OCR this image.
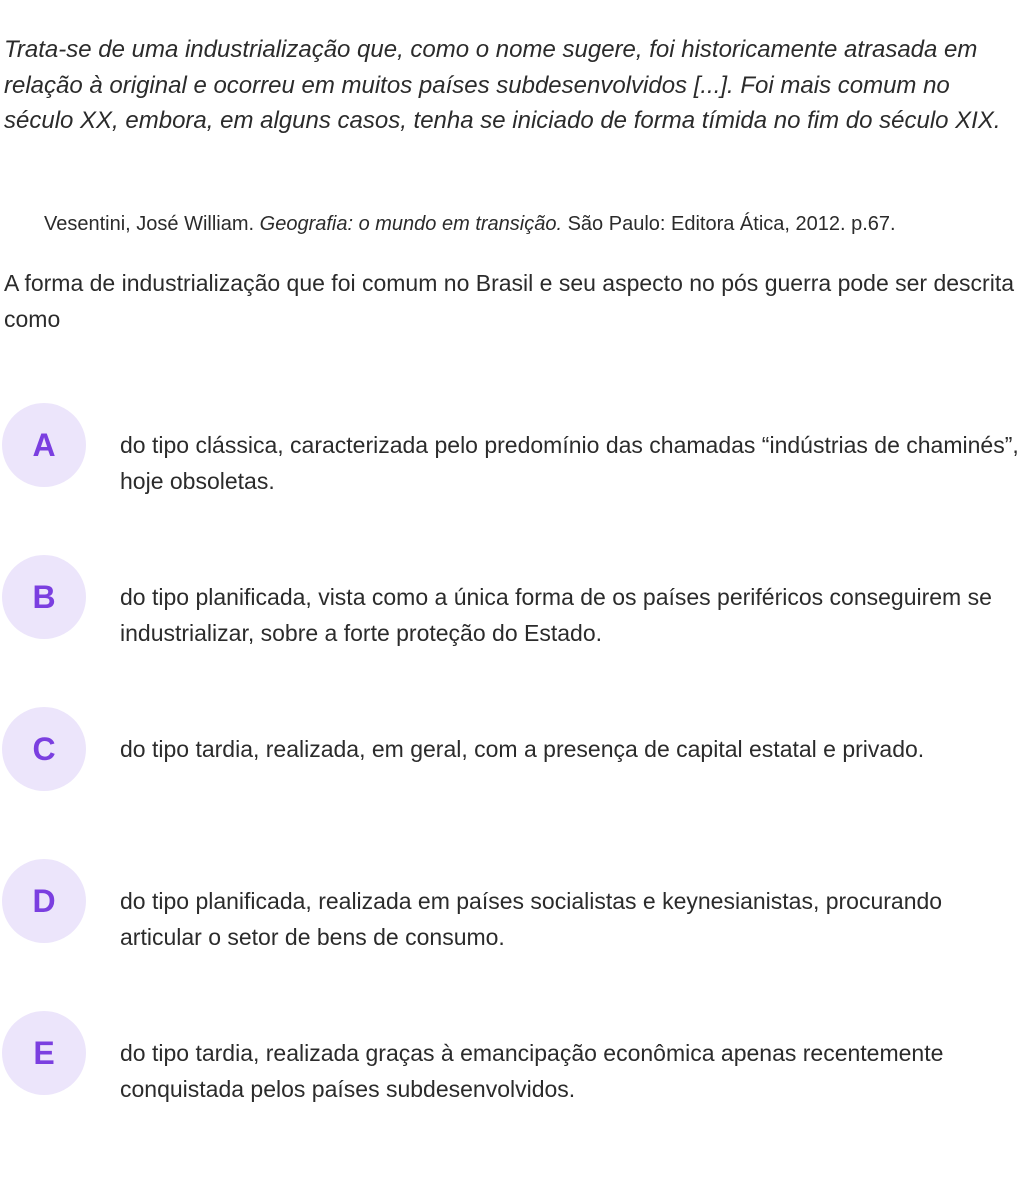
Trata-se de uma industrialização que, como o nome sugere, foi historicamente atrasada em relação à original e ocorreu em muitos países subdesenvolvidos [...]. Foi mais comum no século XX, embora, em alguns casos, tenha se iniciado de forma tímida no fim do século XIX.

Vesentini, José William. Geografia: o mundo em transição. São Paulo: Editora Ática, 2012. p.67.

A forma de industrialização que foi comum no Brasil e seu aspecto no pós guerra pode ser descrita como

A	do tipo clássica, caracterizada pelo predomínio das chamadas “indústrias de chaminés”, hoje obsoletas.

B	do tipo planificada, vista como a única forma de os países periféricos conseguirem se industrializar, sobre a forte proteção do Estado.

C	do tipo tardia, realizada, em geral, com a presença de capital estatal e privado.

D	do tipo planificada, realizada em países socialistas e keynesianistas, procurando articular o setor de bens de consumo.

E	do tipo tardia, realizada graças à emancipação econômica apenas recentemente conquistada pelos países subdesenvolvidos.
